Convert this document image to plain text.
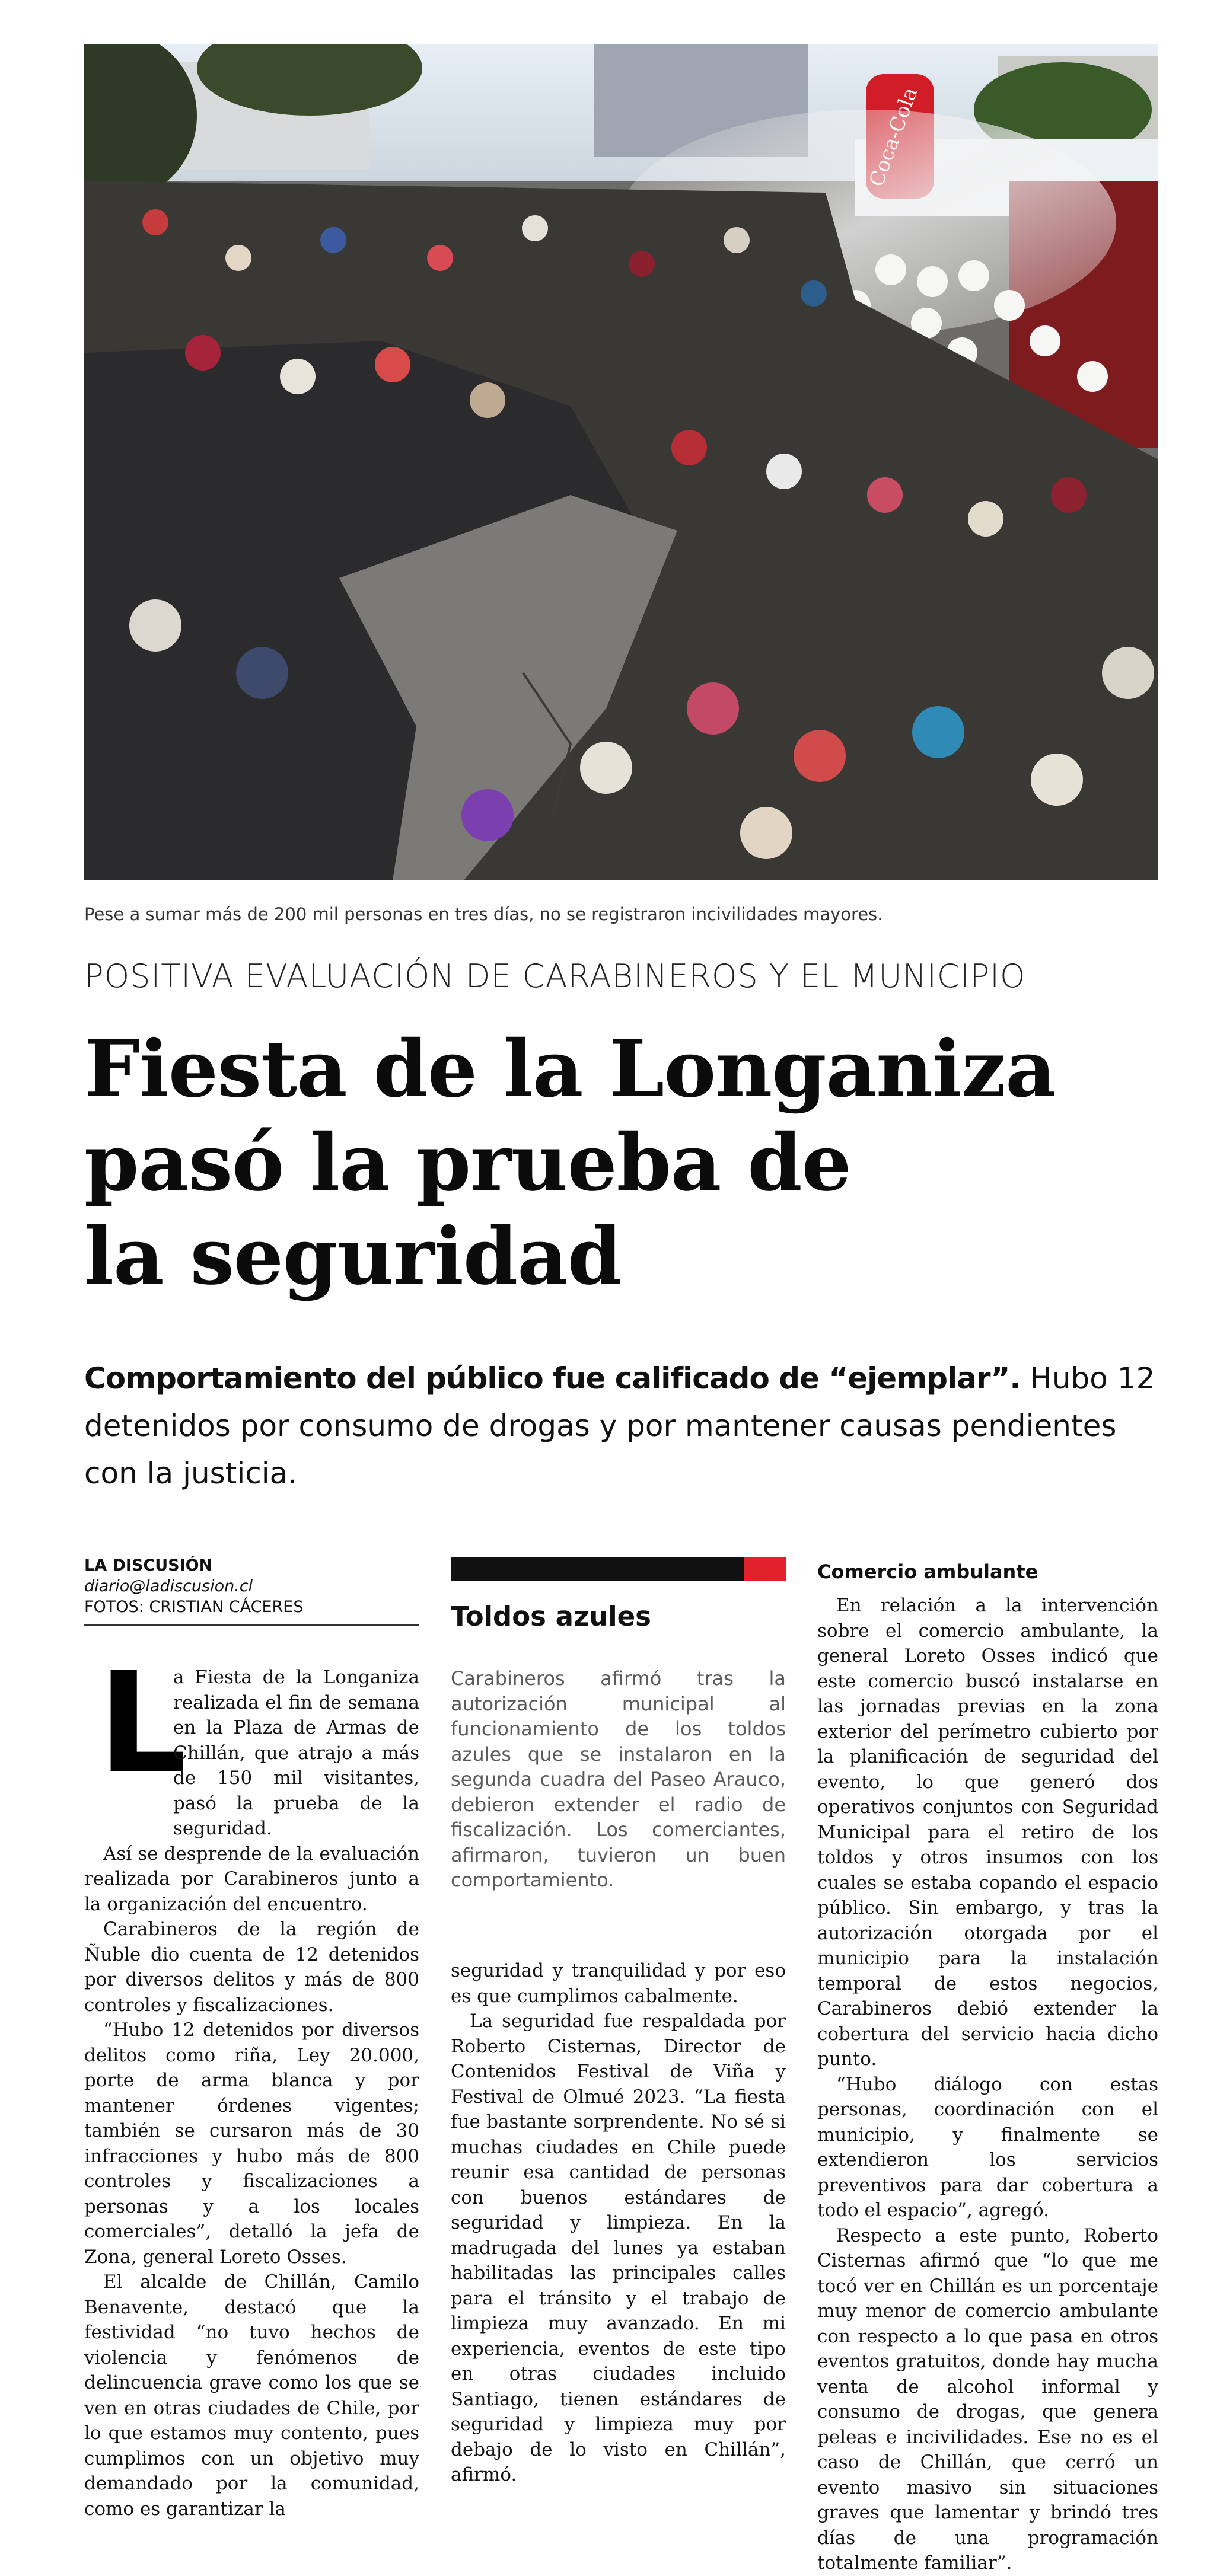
Pese a sumar más de 200 mil personas en tres días, no se registraron incivilidades mayores.
POSITIVA EVALUACIÓN DE CARABINEROS Y EL MUNICIPIO
Fiesta de la Longaniza
pasó la prueba de
la seguridad
Comportamiento del público fue calificado de “ejemplar”. Hubo 12 detenidos por consumo de drogas y por mantener causas pendientes con la justicia.
LA DISCUSIÓN
diario@ladiscusion.cl
FOTOS: CRISTIAN CÁCERES
L

a Fiesta de la Longaniza realizada el fin de semana en la Plaza de Armas de Chillán, que atrajo a más de 150 mil visitantes, pasó la prueba de la seguridad.

Así se desprende de la evaluación realizada por Carabineros junto a la organización del encuentro.

Carabineros de la región de Ñuble dio cuenta de 12 detenidos por diversos delitos y más de 800 controles y fiscalizaciones.

“Hubo 12 detenidos por diversos delitos como riña, Ley 20.000, porte de arma blanca y por mantener órdenes vigentes; también se cursaron más de 30 infracciones y hubo más de 800 controles y fiscalizaciones a personas y a los locales comerciales”, detalló la jefa de Zona, general Loreto Osses.

El alcalde de Chillán, Camilo Benavente, destacó que la festividad “no tuvo hechos de violencia y fenómenos de delincuencia grave como los que se ven en otras ciudades de Chile, por lo que estamos muy contento, pues cumplimos con un objetivo muy demandado por la comunidad, como es garantizar la

Toldos azules
Carabineros afirmó tras la autorización municipal al funcionamiento de los toldos azules que se instalaron en la segunda cuadra del Paseo Arauco, debieron extender el radio de fiscalización. Los comerciantes, afirmaron, tuvieron un buen comportamiento.

seguridad y tranquilidad y por eso es que cumplimos cabalmente.

La seguridad fue respaldada por Roberto Cisternas, Director de Contenidos Festival de Viña y Festival de Olmué 2023. “La fiesta fue bastante sorprendente. No sé si muchas ciudades en Chile puede reunir esa cantidad de personas con buenos estándares de seguridad y limpieza. En la madrugada del lunes ya estaban habilitadas las principales calles para el tránsito y el trabajo de limpieza muy avanzado. En mi experiencia, eventos de este tipo en otras ciudades incluido Santiago, tienen estándares de seguridad y limpieza muy por debajo de lo visto en Chillán”, afirmó.

Comercio ambulante

En relación a la intervención sobre el comercio ambulante, la general Loreto Osses indicó que este comercio buscó instalarse en las jornadas previas en la zona exterior del perímetro cubierto por la planificación de seguridad del evento, lo que generó dos operativos conjuntos con Seguridad Municipal para el retiro de los toldos y otros insumos con los cuales se estaba copando el espacio público. Sin embargo, y tras la autorización otorgada por el municipio para la instalación temporal de estos negocios, Carabineros debió extender la cobertura del servicio hacia dicho punto.

“Hubo diálogo con estas personas, coordinación con el municipio, y finalmente se extendieron los servicios preventivos para dar cobertura a todo el espacio”, agregó.

Respecto a este punto, Roberto Cisternas afirmó que “lo que me tocó ver en Chillán es un porcentaje muy menor de comercio ambulante con respecto a lo que pasa en otros eventos gratuitos, donde hay mucha venta de alcohol informal y consumo de drogas, que genera peleas e incivilidades. Ese no es el caso de Chillán, que cerró un evento masivo sin situaciones graves que lamentar y brindó tres días de una programación totalmente familiar”.
